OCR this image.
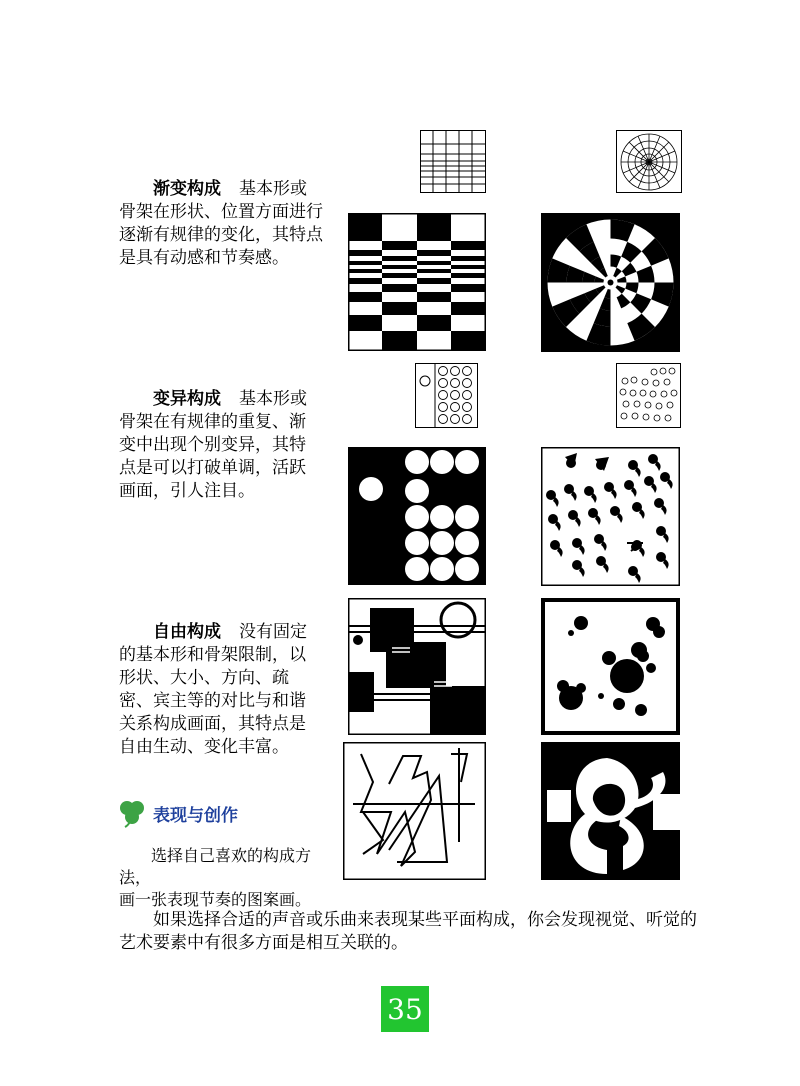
渐变构成 基本形或
骨架在形状、位置方面进行
逐渐有规律的变化，其特点
是具有动感和节奏感。
变异构成 基本形或
骨架在有规律的重复、渐
变中出现个别变异，其特
点是可以打破单调，活跃
画面，引人注目。
自由构成 没有固定
的基本形和骨架限制，以
形状、大小、方向、疏
密、宾主等的对比与和谐
关系构成画面，其特点是
自由生动、变化丰富。
表现与创作
选择自己喜欢的构成方法，
画一张表现节奏的图案画。
如果选择合适的声音或乐曲来表现某些平面构成，你会发现视觉、听觉的
艺术要素中有很多方面是相互关联的。
35
